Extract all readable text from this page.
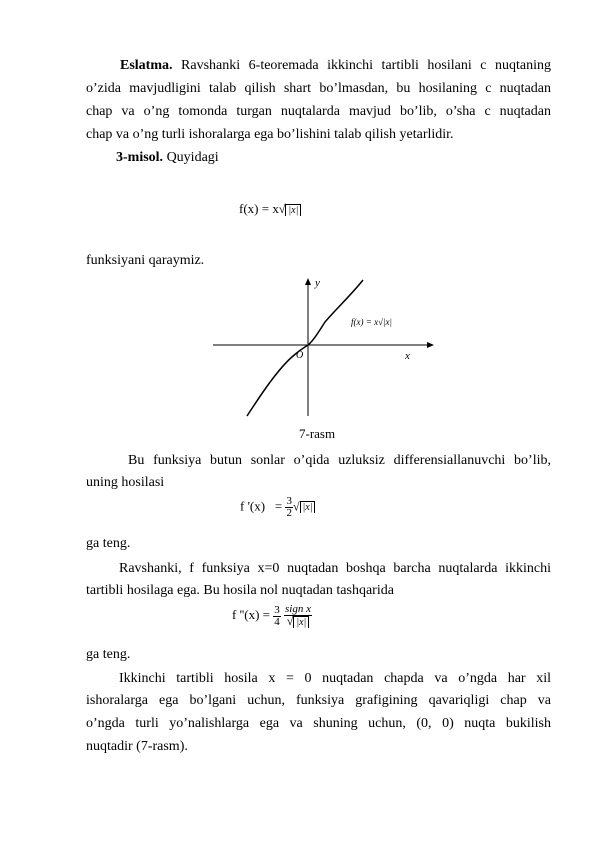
Eslatma. Ravshanki 6-teoremada ikkinchi tartibli hosilani c nuqtaning
o’zida mavjudligini talab qilish shart bo’lmasdan, bu hosilaning c nuqtadan
chap va o’ng tomonda turgan nuqtalarda mavjud bo’lib, o’sha c nuqtadan
chap va o’ng turli ishoralarga ega bo’lishini talab qilish yetarlidir.
3-misol. Quyidagi
f(x) = x√ |x|
funksiyani qaraymiz.
y
x
O
f(x) = x√|x|
7-rasm
Bu funksiya butun sonlar o’qida uzluksiz differensiallanuvchi bo’lib,
uning hosilasi
f '$(x) = \frac{3}{2}$ √ |x|
ga teng.
Ravshanki, f funksiya x=0 nuqtadan boshqa barcha nuqtalarda ikkinchi
tartibli hosilaga ega. Bu hosila nol nuqtadan tashqarida
f ''$(x) = \frac{3}{4}$
$\frac{\text{sign x}}{√ |x|}$
ga teng.
Ikkinchi tartibli hosila x = 0 nuqtadan chapda va o’ngda har xil
ishoralarga ega bo’lgani uchun, funksiya grafigining qavariqligi chap va
o’ngda turli yo’nalishlarga ega va shuning uchun, (0, 0) nuqta bukilish
nuqtadir (7-rasm).
